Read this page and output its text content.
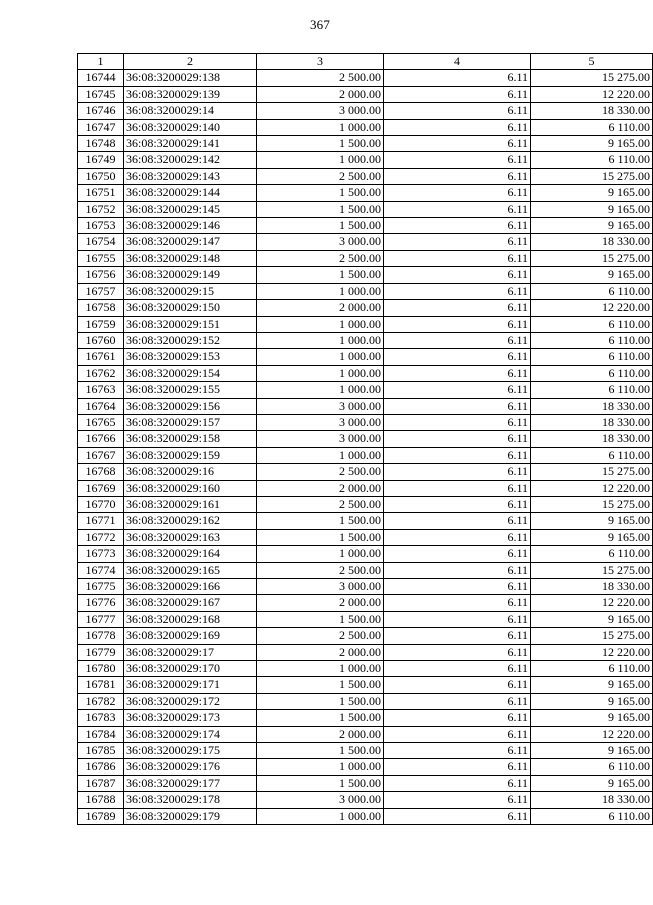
367
1	2	3	4	5
16744	36:08:3200029:138	2 500.00	6.11	15 275.00
16745	36:08:3200029:139	2 000.00	6.11	12 220.00
16746	36:08:3200029:14	3 000.00	6.11	18 330.00
16747	36:08:3200029:140	1 000.00	6.11	6 110.00
16748	36:08:3200029:141	1 500.00	6.11	9 165.00
16749	36:08:3200029:142	1 000.00	6.11	6 110.00
16750	36:08:3200029:143	2 500.00	6.11	15 275.00
16751	36:08:3200029:144	1 500.00	6.11	9 165.00
16752	36:08:3200029:145	1 500.00	6.11	9 165.00
16753	36:08:3200029:146	1 500.00	6.11	9 165.00
16754	36:08:3200029:147	3 000.00	6.11	18 330.00
16755	36:08:3200029:148	2 500.00	6.11	15 275.00
16756	36:08:3200029:149	1 500.00	6.11	9 165.00
16757	36:08:3200029:15	1 000.00	6.11	6 110.00
16758	36:08:3200029:150	2 000.00	6.11	12 220.00
16759	36:08:3200029:151	1 000.00	6.11	6 110.00
16760	36:08:3200029:152	1 000.00	6.11	6 110.00
16761	36:08:3200029:153	1 000.00	6.11	6 110.00
16762	36:08:3200029:154	1 000.00	6.11	6 110.00
16763	36:08:3200029:155	1 000.00	6.11	6 110.00
16764	36:08:3200029:156	3 000.00	6.11	18 330.00
16765	36:08:3200029:157	3 000.00	6.11	18 330.00
16766	36:08:3200029:158	3 000.00	6.11	18 330.00
16767	36:08:3200029:159	1 000.00	6.11	6 110.00
16768	36:08:3200029:16	2 500.00	6.11	15 275.00
16769	36:08:3200029:160	2 000.00	6.11	12 220.00
16770	36:08:3200029:161	2 500.00	6.11	15 275.00
16771	36:08:3200029:162	1 500.00	6.11	9 165.00
16772	36:08:3200029:163	1 500.00	6.11	9 165.00
16773	36:08:3200029:164	1 000.00	6.11	6 110.00
16774	36:08:3200029:165	2 500.00	6.11	15 275.00
16775	36:08:3200029:166	3 000.00	6.11	18 330.00
16776	36:08:3200029:167	2 000.00	6.11	12 220.00
16777	36:08:3200029:168	1 500.00	6.11	9 165.00
16778	36:08:3200029:169	2 500.00	6.11	15 275.00
16779	36:08:3200029:17	2 000.00	6.11	12 220.00
16780	36:08:3200029:170	1 000.00	6.11	6 110.00
16781	36:08:3200029:171	1 500.00	6.11	9 165.00
16782	36:08:3200029:172	1 500.00	6.11	9 165.00
16783	36:08:3200029:173	1 500.00	6.11	9 165.00
16784	36:08:3200029:174	2 000.00	6.11	12 220.00
16785	36:08:3200029:175	1 500.00	6.11	9 165.00
16786	36:08:3200029:176	1 000.00	6.11	6 110.00
16787	36:08:3200029:177	1 500.00	6.11	9 165.00
16788	36:08:3200029:178	3 000.00	6.11	18 330.00
16789	36:08:3200029:179	1 000.00	6.11	6 110.00
